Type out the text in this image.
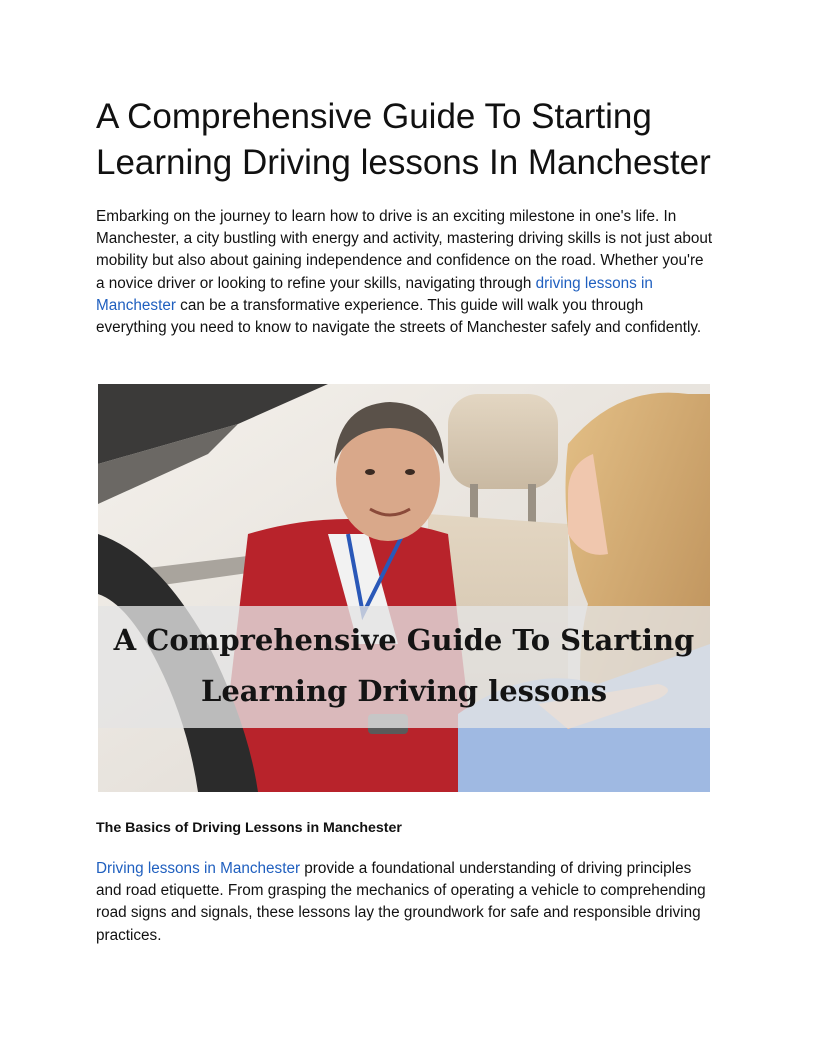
A Comprehensive Guide To Starting
Learning Driving lessons In Manchester

Embarking on the journey to learn how to drive is an exciting milestone in one's life. In Manchester, a city bustling with energy and activity, mastering driving skills is not just about mobility but also about gaining independence and confidence on the road. Whether you're a novice driver or looking to refine your skills, navigating through driving lessons in Manchester can be a transformative experience. This guide will walk you through everything you need to know to navigate the streets of Manchester safely and confidently.

A Comprehensive Guide To Starting
Learning Driving lessons
The Basics of Driving Lessons in Manchester

Driving lessons in Manchester provide a foundational understanding of driving principles and road etiquette. From grasping the mechanics of operating a vehicle to comprehending road signs and signals, these lessons lay the groundwork for safe and responsible driving practices.
